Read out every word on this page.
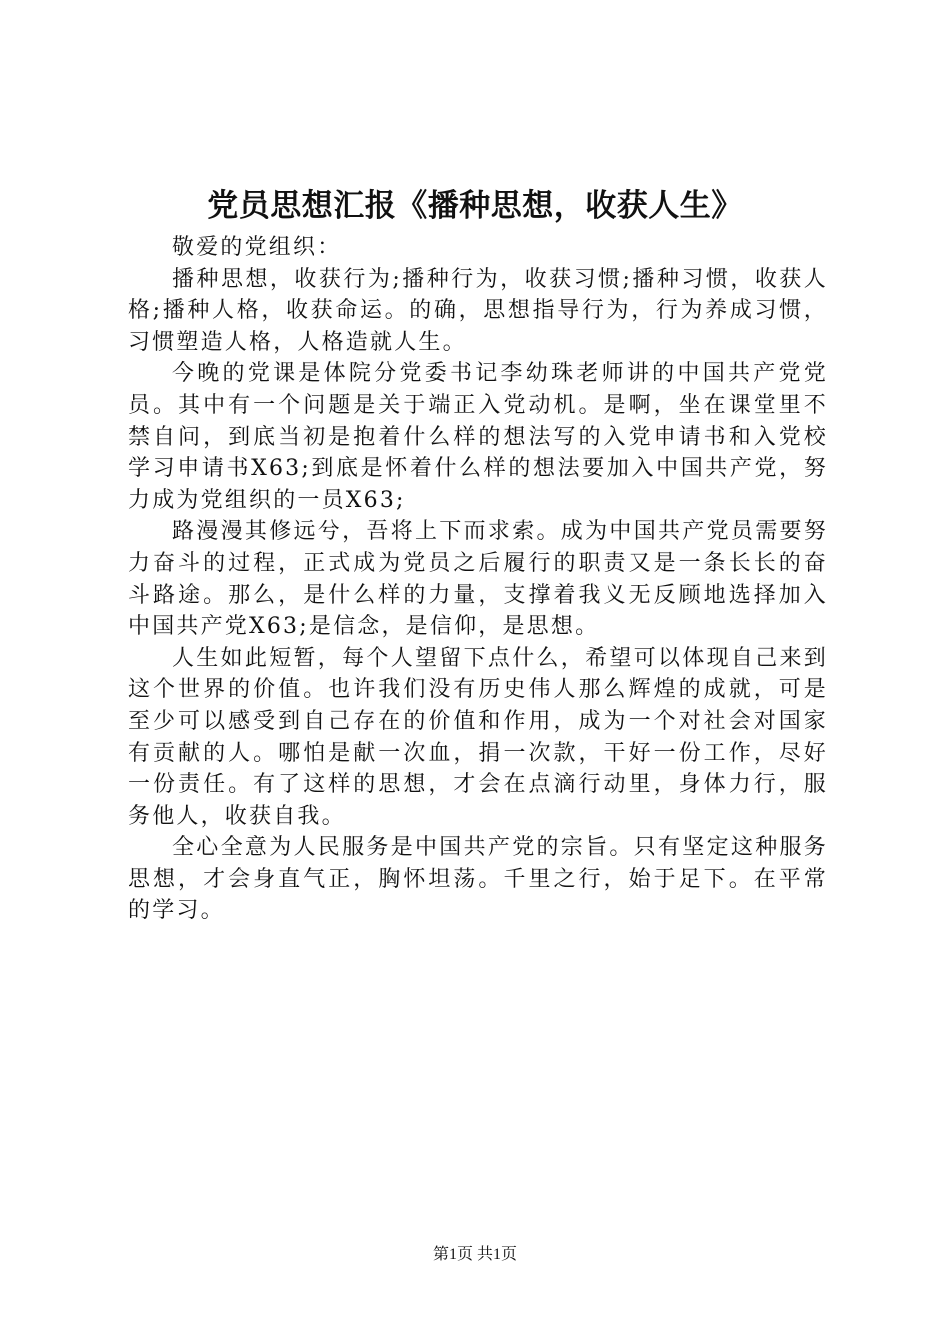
党员思想汇报《播种思想，收获人生》

敬爱的党组织：

播种思想，收获行为;播种行为，收获习惯;播种习惯，收获人格;播种人格，收获命运。的确，思想指导行为，行为养成习惯，习惯塑造人格，人格造就人生。

今晚的党课是体院分党委书记李幼珠老师讲的中国共产党党员。其中有一个问题是关于端正入党动机。是啊，坐在课堂里不禁自问，到底当初是抱着什么样的想法写的入党申请书和入党校学习申请书X63;到底是怀着什么样的想法要加入中国共产党，努力成为党组织的一员X63;

路漫漫其修远兮，吾将上下而求索。成为中国共产党员需要努力奋斗的过程，正式成为党员之后履行的职责又是一条长长的奋斗路途。那么，是什么样的力量，支撑着我义无反顾地选择加入中国共产党X63;是信念，是信仰，是思想。

人生如此短暂，每个人望留下点什么，希望可以体现自己来到这个世界的价值。也许我们没有历史伟人那么辉煌的成就，可是至少可以感受到自己存在的价值和作用，成为一个对社会对国家有贡献的人。哪怕是献一次血，捐一次款，干好一份工作，尽好一份责任。有了这样的思想，才会在点滴行动里，身体力行，服务他人，收获自我。

全心全意为人民服务是中国共产党的宗旨。只有坚定这种服务思想，才会身直气正，胸怀坦荡。千里之行，始于足下。在平常的学习。

第1页 共1页
